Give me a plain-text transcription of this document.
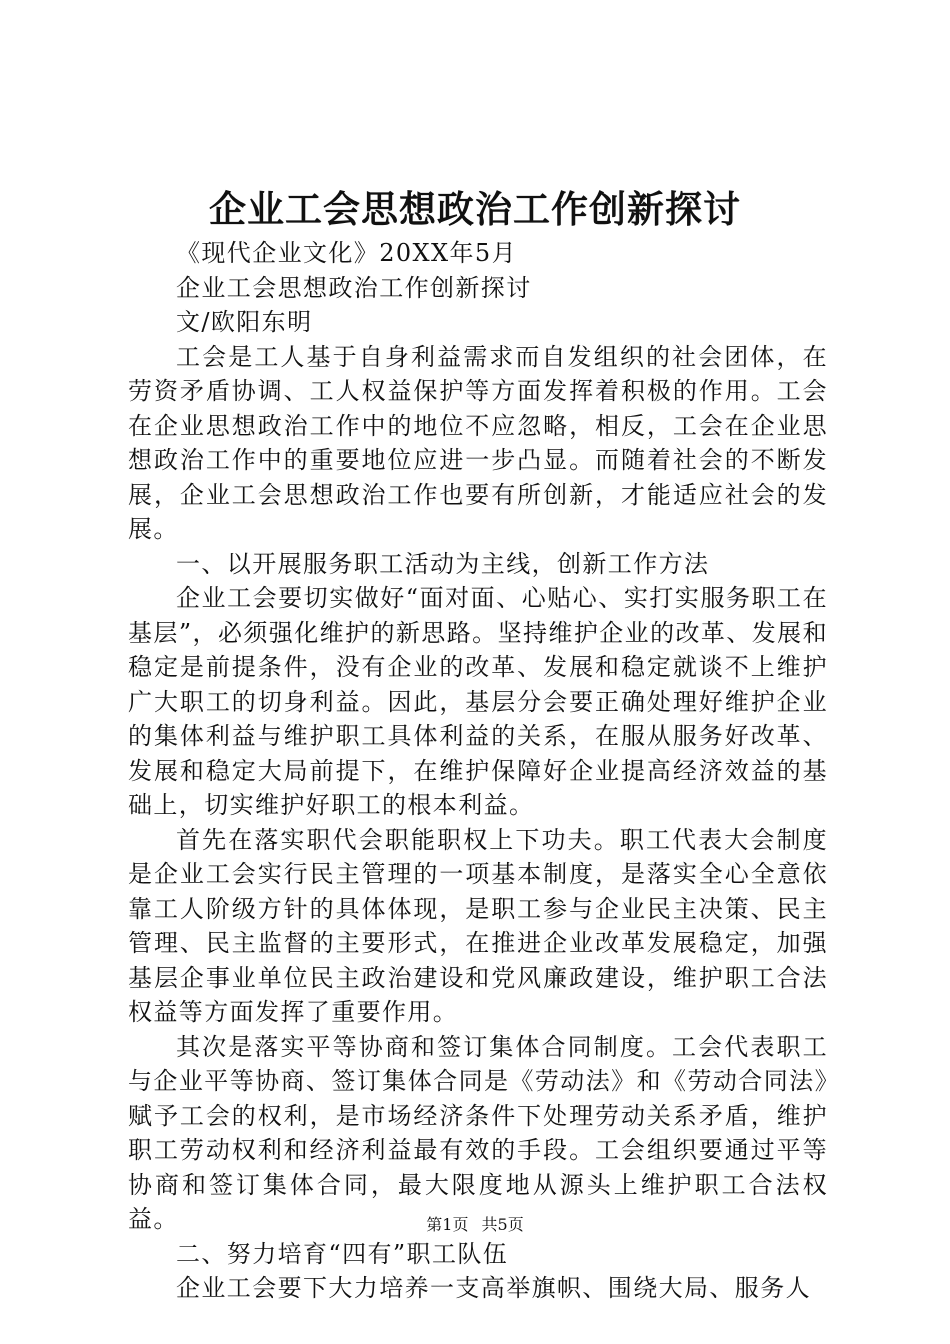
企业工会思想政治工作创新探讨

《现代企业文化》20XX年5月

企业工会思想政治工作创新探讨

文/欧阳东明

工会是工人基于自身利益需求而自发组织的社会团体，在劳资矛盾协调、工人权益保护等方面发挥着积极的作用。工会在企业思想政治工作中的地位不应忽略，相反，工会在企业思想政治工作中的重要地位应进一步凸显。而随着社会的不断发展，企业工会思想政治工作也要有所创新，才能适应社会的发展。

一、以开展服务职工活动为主线，创新工作方法

企业工会要切实做好“面对面、心贴心、实打实服务职工在基层”，必须强化维护的新思路。坚持维护企业的改革、发展和稳定是前提条件，没有企业的改革、发展和稳定就谈不上维护广大职工的切身利益。因此，基层分会要正确处理好维护企业的集体利益与维护职工具体利益的关系，在服从服务好改革、发展和稳定大局前提下，在维护保障好企业提高经济效益的基础上，切实维护好职工的根本利益。

首先在落实职代会职能职权上下功夫。职工代表大会制度是企业工会实行民主管理的一项基本制度，是落实全心全意依靠工人阶级方针的具体体现，是职工参与企业民主决策、民主管理、民主监督的主要形式，在推进企业改革发展稳定，加强基层企事业单位民主政治建设和党风廉政建设，维护职工合法权益等方面发挥了重要作用。

其次是落实平等协商和签订集体合同制度。工会代表职工与企业平等协商、签订集体合同是《劳动法》和《劳动合同法》赋予工会的权利，是市场经济条件下处理劳动关系矛盾，维护职工劳动权利和经济利益最有效的手段。工会组织要通过平等协商和签订集体合同，最大限度地从源头上维护职工合法权益。

二、努力培育“四有”职工队伍

企业工会要下大力培养一支高举旗帜、围绕大局、服务人

第1页 共5页
